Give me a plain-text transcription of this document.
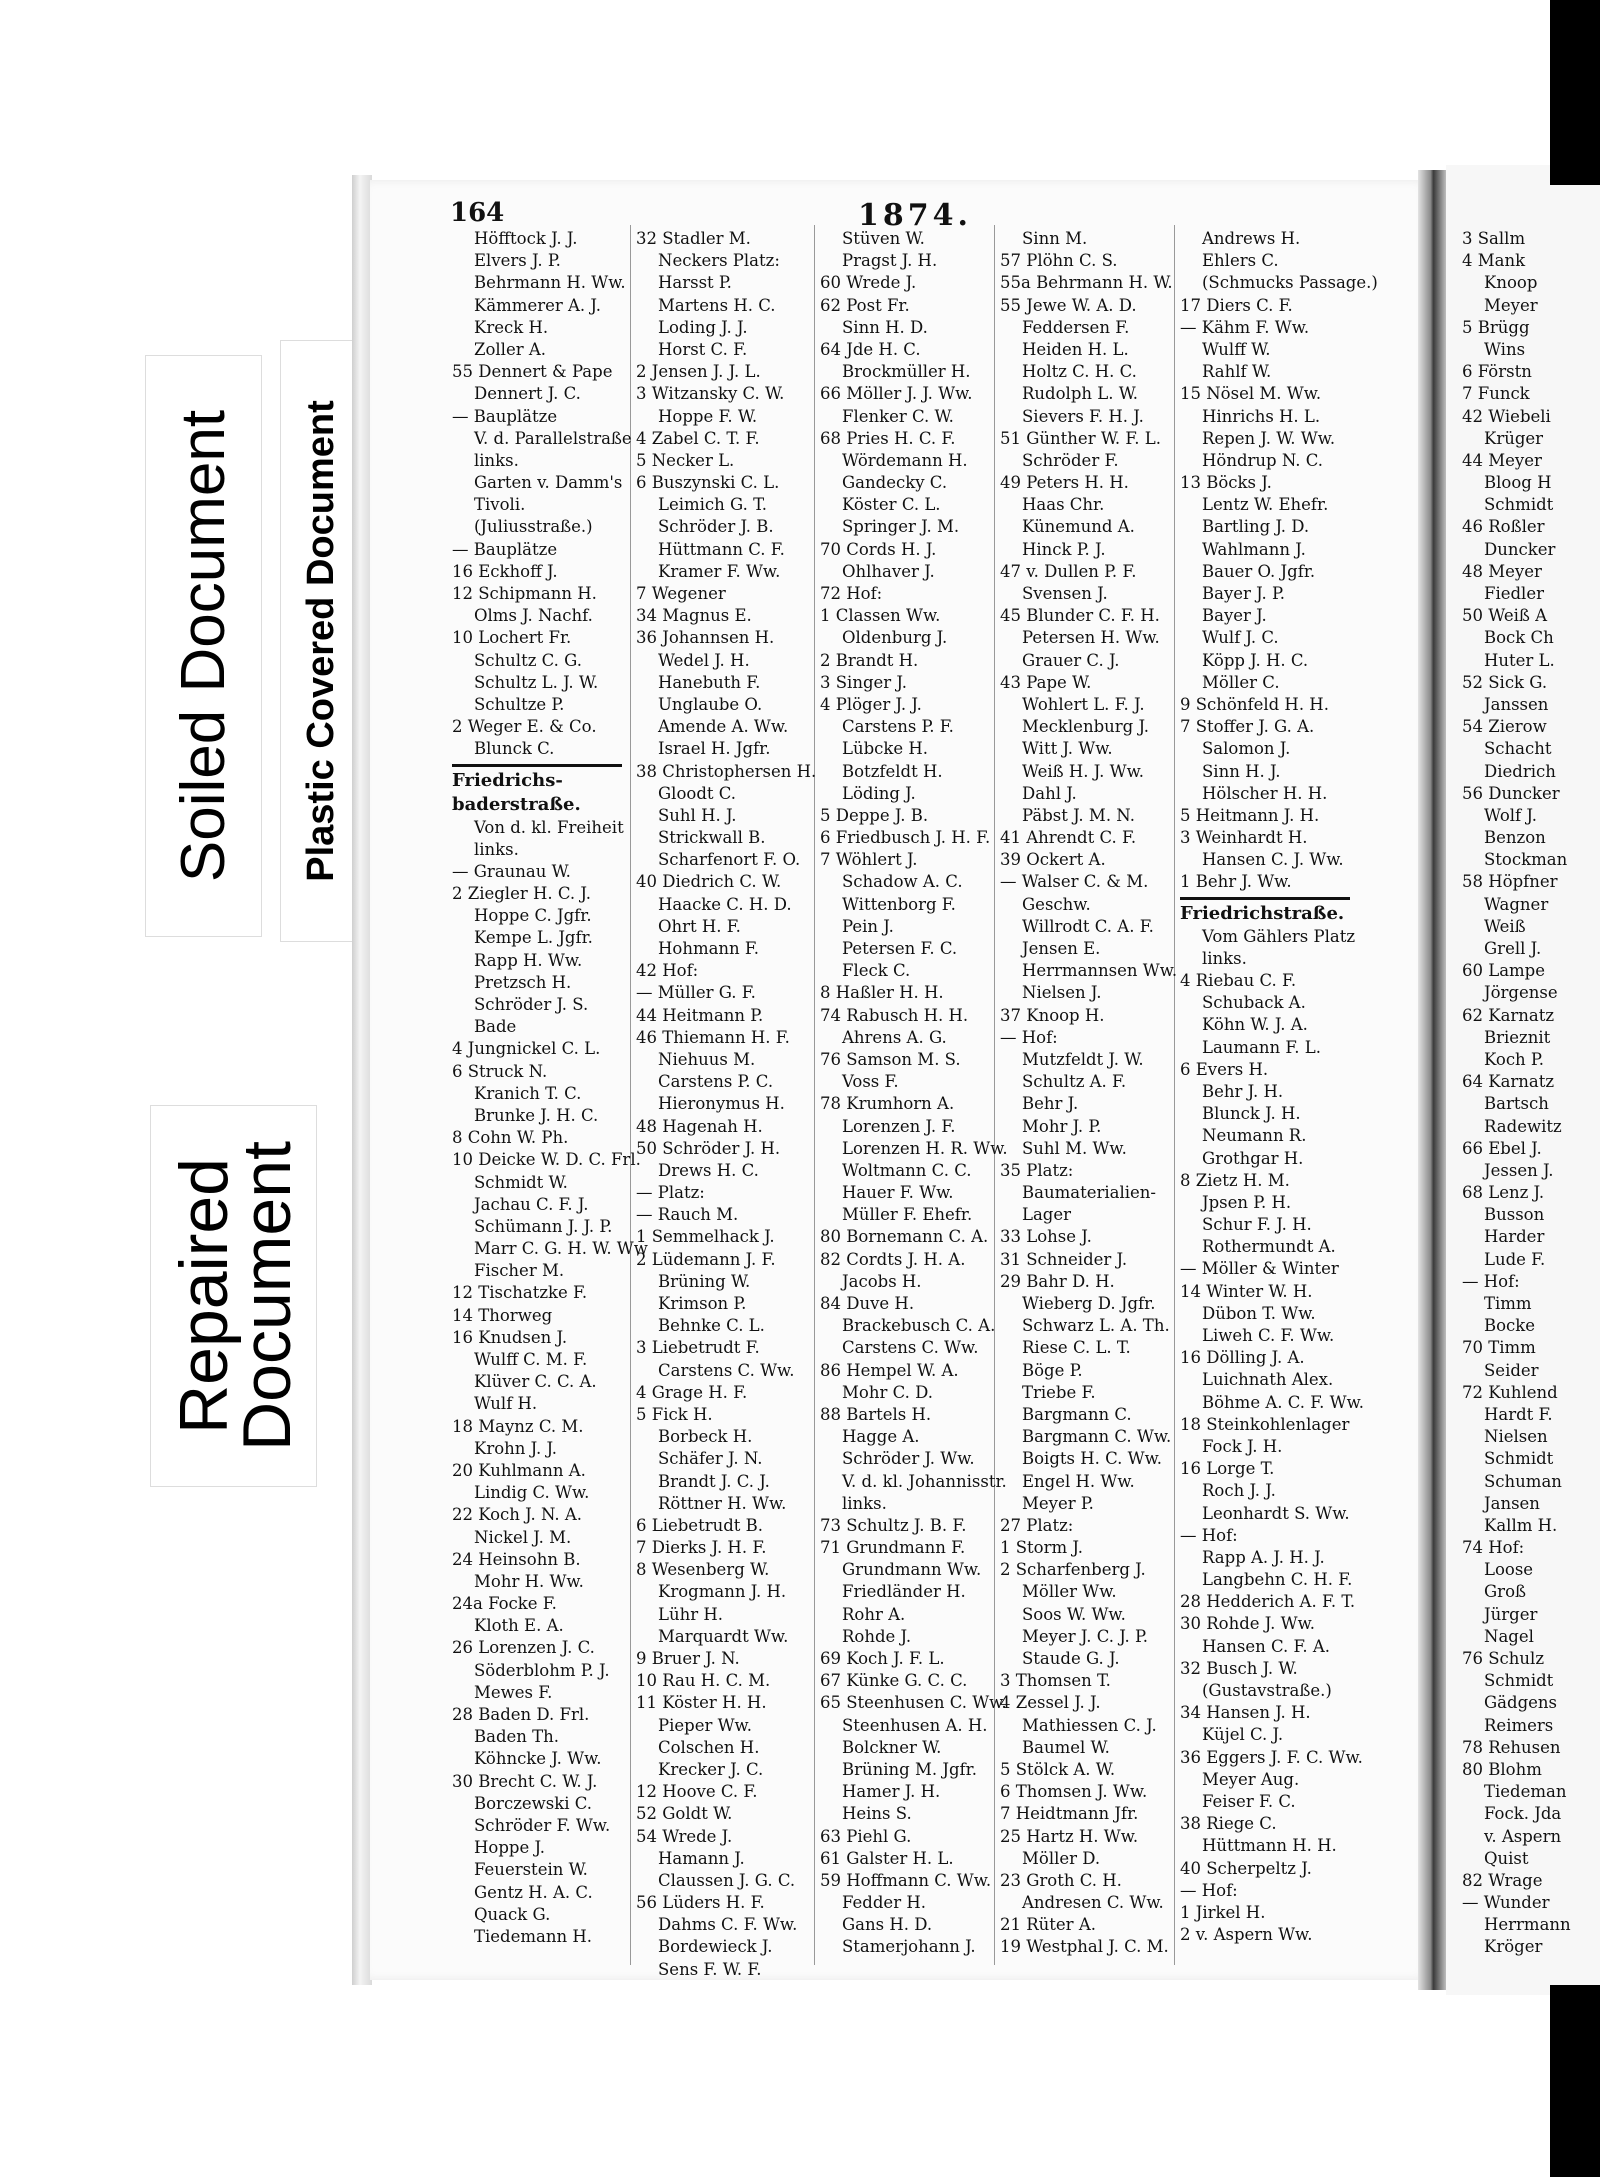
Soiled Document Plastic Covered Document
Repaired
Document
164	1874.
Höfftock J. J.
Elvers J. P.
Behrmann H. Ww.
Kämmerer A. J.
Kreck H.
Zoller A.
55 Dennert & Pape
Dennert J. C.
— Bauplätze
V. d. Parallelstraße
links.
Garten v. Damm's
Tivoli.
(Juliusstraße.)
— Bauplätze
16 Eckhoff J.
12 Schipmann H.
Olms J. Nachf.
10 Lochert Fr.
Schultz C. G.
Schultz L. J. W.
Schultze P.
2 Weger E. & Co.
Blunck C.
Friedrichs-
baderstraße.
Von d. kl. Freiheit
links.
— Graunau W.
2 Ziegler H. C. J.
Hoppe C. Jgfr.
Kempe L. Jgfr.
Rapp H. Ww.
Pretzsch H.
Schröder J. S.
Bade
4 Jungnickel C. L.
6 Struck N.
Kranich T. C.
Brunke J. H. C.
8 Cohn W. Ph.
10 Deicke W. D. C. Frl.
Schmidt W.
Jachau C. F. J.
Schümann J. J. P.
Marr C. G. H. W. Ww
Fischer M.
12 Tischatzke F.
14 Thorweg
16 Knudsen J.
Wulff C. M. F.
Klüver C. C. A.
Wulf H.
18 Maynz C. M.
Krohn J. J.
20 Kuhlmann A.
Lindig C. Ww.
22 Koch J. N. A.
Nickel J. M.
24 Heinsohn B.
Mohr H. Ww.
24a Focke F.
Kloth E. A.
26 Lorenzen J. C.
Söderblohm P. J.
Mewes F.
28 Baden D. Frl.
Baden Th.
Köhncke J. Ww.
30 Brecht C. W. J.
Borczewski C.
Schröder F. Ww.
Hoppe J.
Feuerstein W.
Gentz H. A. C.
Quack G.
Tiedemann H.
32 Stadler M.
Neckers Platz:
Harsst P.
Martens H. C.
Loding J. J.
Horst C. F.
2 Jensen J. J. L.
3 Witzansky C. W.
Hoppe F. W.
4 Zabel C. T. F.
5 Necker L.
6 Buszynski C. L.
Leimich G. T.
Schröder J. B.
Hüttmann C. F.
Kramer F. Ww.
7 Wegener
34 Magnus E.
36 Johannsen H.
Wedel J. H.
Hanebuth F.
Unglaube O.
Amende A. Ww.
Israel H. Jgfr.
38 Christophersen H.
Gloodt C.
Suhl H. J.
Strickwall B.
Scharfenort F. O.
40 Diedrich C. W.
Haacke C. H. D.
Ohrt H. F.
Hohmann F.
42 Hof:
— Müller G. F.
44 Heitmann P.
46 Thiemann H. F.
Niehuus M.
Carstens P. C.
Hieronymus H.
48 Hagenah H.
50 Schröder J. H.
Drews H. C.
— Platz:
— Rauch M.
1 Semmelhack J.
2 Lüdemann J. F.
Brüning W.
Krimson P.
Behnke C. L.
3 Liebetrudt F.
Carstens C. Ww.
4 Grage H. F.
5 Fick H.
Borbeck H.
Schäfer J. N.
Brandt J. C. J.
Röttner H. Ww.
6 Liebetrudt B.
7 Dierks J. H. F.
8 Wesenberg W.
Krogmann J. H.
Lühr H.
Marquardt Ww.
9 Bruer J. N.
10 Rau H. C. M.
11 Köster H. H.
Pieper Ww.
Colschen H.
Krecker J. C.
12 Hoove C. F.
52 Goldt W.
54 Wrede J.
Hamann J.
Claussen J. G. C.
56 Lüders H. F.
Dahms C. F. Ww.
Bordewieck J.
Sens F. W. F.
Stüven W.
Pragst J. H.
60 Wrede J.
62 Post Fr.
Sinn H. D.
64 Jde H. C.
Brockmüller H.
66 Möller J. J. Ww.
Flenker C. W.
68 Pries H. C. F.
Wördemann H.
Gandecky C.
Köster C. L.
Springer J. M.
70 Cords H. J.
Ohlhaver J.
72 Hof:
1 Classen Ww.
Oldenburg J.
2 Brandt H.
3 Singer J.
4 Plöger J. J.
Carstens P. F.
Lübcke H.
Botzfeldt H.
Löding J.
5 Deppe J. B.
6 Friedbusch J. H. F.
7 Wöhlert J.
Schadow A. C.
Wittenborg F.
Pein J.
Petersen F. C.
Fleck C.
8 Haßler H. H.
74 Rabusch H. H.
Ahrens A. G.
76 Samson M. S.
Voss F.
78 Krumhorn A.
Lorenzen J. F.
Lorenzen H. R. Ww.
Woltmann C. C.
Hauer F. Ww.
Müller F. Ehefr.
80 Bornemann C. A.
82 Cordts J. H. A.
Jacobs H.
84 Duve H.
Brackebusch C. A.
Carstens C. Ww.
86 Hempel W. A.
Mohr C. D.
88 Bartels H.
Hagge A.
Schröder J. Ww.
V. d. kl. Johannisstr.
links.
73 Schultz J. B. F.
71 Grundmann F.
Grundmann Ww.
Friedländer H.
Rohr A.
Rohde J.
69 Koch J. F. L.
67 Künke G. C. C.
65 Steenhusen C. Ww.
Steenhusen A. H.
Bolckner W.
Brüning M. Jgfr.
Hamer J. H.
Heins S.
63 Piehl G.
61 Galster H. L.
59 Hoffmann C. Ww.
Fedder H.
Gans H. D.
Stamerjohann J.
Sinn M.
57 Plöhn C. S.
55a Behrmann H. W.
55 Jewe W. A. D.
Feddersen F.
Heiden H. L.
Holtz C. H. C.
Rudolph L. W.
Sievers F. H. J.
51 Günther W. F. L.
Schröder F.
49 Peters H. H.
Haas Chr.
Künemund A.
Hinck P. J.
47 v. Dullen P. F.
Svensen J.
45 Blunder C. F. H.
Petersen H. Ww.
Grauer C. J.
43 Pape W.
Wohlert L. F. J.
Mecklenburg J.
Witt J. Ww.
Weiß H. J. Ww.
Dahl J.
Päbst J. M. N.
41 Ahrendt C. F.
39 Ockert A.
— Walser C. & M.
Geschw.
Willrodt C. A. F.
Jensen E.
Herrmannsen Ww.
Nielsen J.
37 Knoop H.
— Hof:
Mutzfeldt J. W.
Schultz A. F.
Behr J.
Mohr J. P.
Suhl M. Ww.
35 Platz:
Baumaterialien-
Lager
33 Lohse J.
31 Schneider J.
29 Bahr D. H.
Wieberg D. Jgfr.
Schwarz L. A. Th.
Riese C. L. T.
Böge P.
Triebe F.
Bargmann C.
Bargmann C. Ww.
Boigts H. C. Ww.
Engel H. Ww.
Meyer P.
27 Platz:
1 Storm J.
2 Scharfenberg J.
Möller Ww.
Soos W. Ww.
Meyer J. C. J. P.
Staude G. J.
3 Thomsen T.
4 Zessel J. J.
Mathiessen C. J.
Baumel W.
5 Stölck A. W.
6 Thomsen J. Ww.
7 Heidtmann Jfr.
25 Hartz H. Ww.
Möller D.
23 Groth C. H.
Andresen C. Ww.
21 Rüter A.
19 Westphal J. C. M.
Andrews H.
Ehlers C.
(Schmucks Passage.)
17 Diers C. F.
— Kähm F. Ww.
Wulff W.
Rahlf W.
15 Nösel M. Ww.
Hinrichs H. L.
Repen J. W. Ww.
Höndrup N. C.
13 Böcks J.
Lentz W. Ehefr.
Bartling J. D.
Wahlmann J.
Bauer O. Jgfr.
Bayer J. P.
Bayer J.
Wulf J. C.
Köpp J. H. C.
Möller C.
9 Schönfeld H. H.
7 Stoffer J. G. A.
Salomon J.
Sinn H. J.
Hölscher H. H.
5 Heitmann J. H.
3 Weinhardt H.
Hansen C. J. Ww.
1 Behr J. Ww.
Friedrichstraße.
Vom Gählers Platz
links.
4 Riebau C. F.
Schuback A.
Köhn W. J. A.
Laumann F. L.
6 Evers H.
Behr J. H.
Blunck J. H.
Neumann R.
Grothgar H.
8 Zietz H. M.
Jpsen P. H.
Schur F. J. H.
Rothermundt A.
— Möller & Winter
14 Winter W. H.
Dübon T. Ww.
Liweh C. F. Ww.
16 Dölling J. A.
Luichnath Alex.
Böhme A. C. F. Ww.
18 Steinkohlenlager
Fock J. H.
16 Lorge T.
Roch J. J.
Leonhardt S. Ww.
— Hof:
Rapp A. J. H. J.
Langbehn C. H. F.
28 Hedderich A. F. T.
30 Rohde J. Ww.
Hansen C. F. A.
32 Busch J. W.
(Gustavstraße.)
34 Hansen J. H.
Küjel C. J.
36 Eggers J. F. C. Ww.
Meyer Aug.
Feiser F. C.
38 Riege C.
Hüttmann H. H.
40 Scherpeltz J.
— Hof:
1 Jirkel H.
2 v. Aspern Ww.
3 Sallm
4 Mank
Knoop
Meyer
5 Brügg
Wins
6 Förstn
7 Funck
42 Wiebeli
Krüger
44 Meyer
Bloog H
Schmidt
46 Roßler
Duncker
48 Meyer
Fiedler
50 Weiß A
Bock Ch
Huter L.
52 Sick G.
Janssen
54 Zierow
Schacht
Diedrich
56 Duncker
Wolf J.
Benzon
Stockman
58 Höpfner
Wagner
Weiß
Grell J.
60 Lampe
Jörgense
62 Karnatz
Brieznit
Koch P.
64 Karnatz
Bartsch
Radewitz
66 Ebel J.
Jessen J.
68 Lenz J.
Busson
Harder
Lude F.
— Hof:
Timm
Bocke
70 Timm
Seider
72 Kuhlend
Hardt F.
Nielsen
Schmidt
Schuman
Jansen
Kallm H.
74 Hof:
Loose
Groß
Jürger
Nagel
76 Schulz
Schmidt
Gädgens
Reimers
78 Rehusen
80 Blohm
Tiedeman
Fock. Jda
v. Aspern
Quist
82 Wrage
— Wunder
Herrmann
Kröger
